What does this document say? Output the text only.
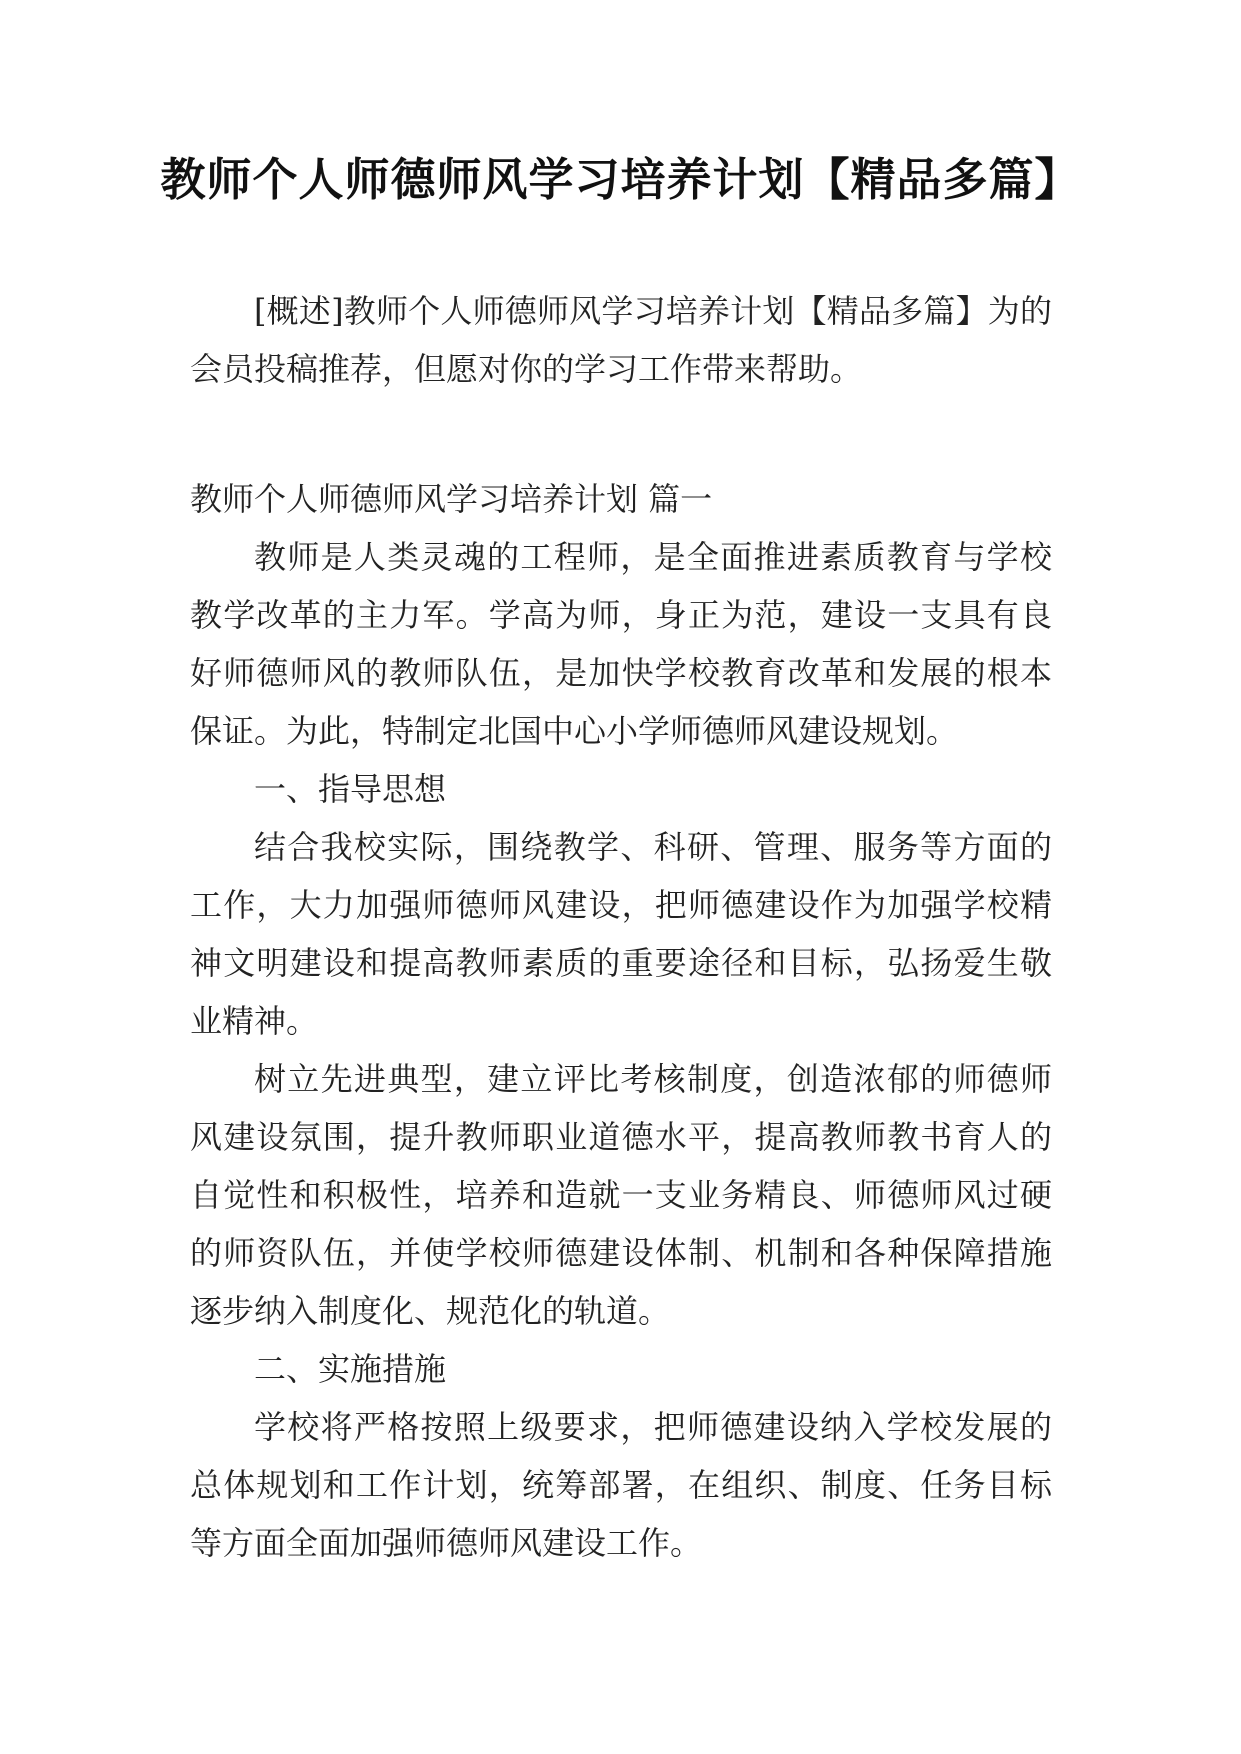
教师个人师德师风学习培养计划【精品多篇】

[概述]教师个人师德师风学习培养计划【精品多篇】为的会员投稿推荐，但愿对你的学习工作带来帮助。

教师个人师德师风学习培养计划 篇一

教师是人类灵魂的工程师，是全面推进素质教育与学校教学改革的主力军。学高为师，身正为范，建设一支具有良好师德师风的教师队伍，是加快学校教育改革和发展的根本保证。为此，特制定北国中心小学师德师风建设规划。

一、指导思想

结合我校实际，围绕教学、科研、管理、服务等方面的工作，大力加强师德师风建设，把师德建设作为加强学校精神文明建设和提高教师素质的重要途径和目标，弘扬爱生敬业精神。

树立先进典型，建立评比考核制度，创造浓郁的师德师风建设氛围，提升教师职业道德水平，提高教师教书育人的自觉性和积极性，培养和造就一支业务精良、师德师风过硬的师资队伍，并使学校师德建设体制、机制和各种保障措施逐步纳入制度化、规范化的轨道。

二、实施措施

学校将严格按照上级要求，把师德建设纳入学校发展的总体规划和工作计划，统筹部署，在组织、制度、任务目标等方面全面加强师德师风建设工作。
